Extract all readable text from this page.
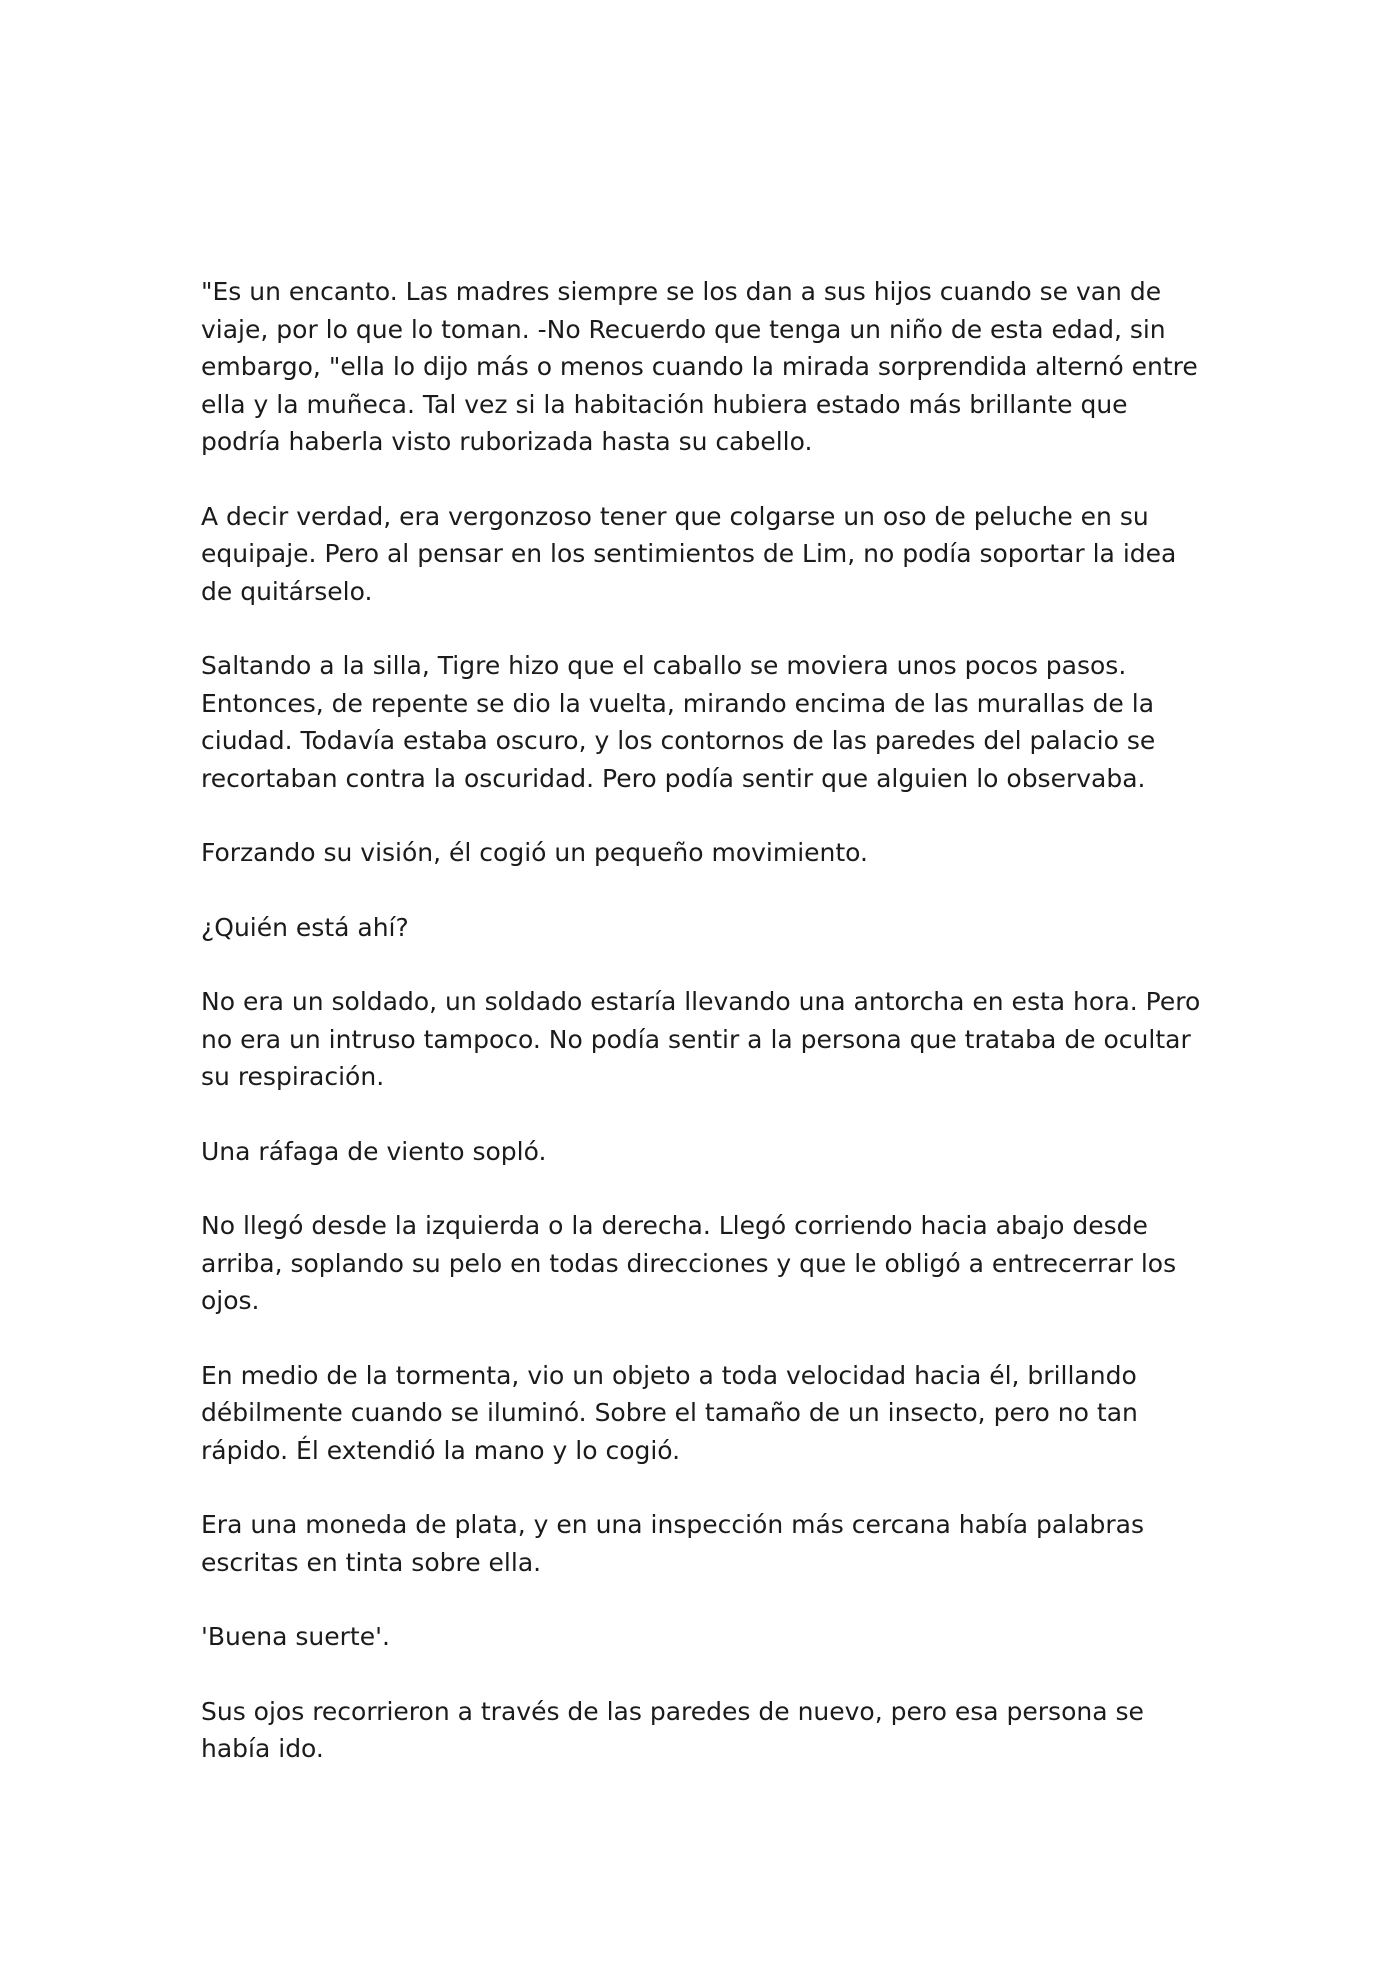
"Es un encanto. Las madres siempre se los dan a sus hijos cuando se van de viaje, por lo que lo toman. -No Recuerdo que tenga un niño de esta edad, sin embargo, "ella lo dijo más o menos cuando la mirada sorprendida alternó entre ella y la muñeca. Tal vez si la habitación hubiera estado más brillante que podría haberla visto ruborizada hasta su cabello.

A decir verdad, era vergonzoso tener que colgarse un oso de peluche en su equipaje. Pero al pensar en los sentimientos de Lim, no podía soportar la idea de quitárselo.

Saltando a la silla, Tigre hizo que el caballo se moviera unos pocos pasos. Entonces, de repente se dio la vuelta, mirando encima de las murallas de la ciudad. Todavía estaba oscuro, y los contornos de las paredes del palacio se recortaban contra la oscuridad. Pero podía sentir que alguien lo observaba.

Forzando su visión, él cogió un pequeño movimiento.

¿Quién está ahí?

No era un soldado, un soldado estaría llevando una antorcha en esta hora. Pero no era un intruso tampoco. No podía sentir a la persona que trataba de ocultar su respiración.

Una ráfaga de viento sopló.

No llegó desde la izquierda o la derecha. Llegó corriendo hacia abajo desde arriba, soplando su pelo en todas direcciones y que le obligó a entrecerrar los ojos.

En medio de la tormenta, vio un objeto a toda velocidad hacia él, brillando débilmente cuando se iluminó. Sobre el tamaño de un insecto, pero no tan rápido. Él extendió la mano y lo cogió.

Era una moneda de plata, y en una inspección más cercana había palabras escritas en tinta sobre ella.

'Buena suerte'.

Sus ojos recorrieron a través de las paredes de nuevo, pero esa persona se había ido.
